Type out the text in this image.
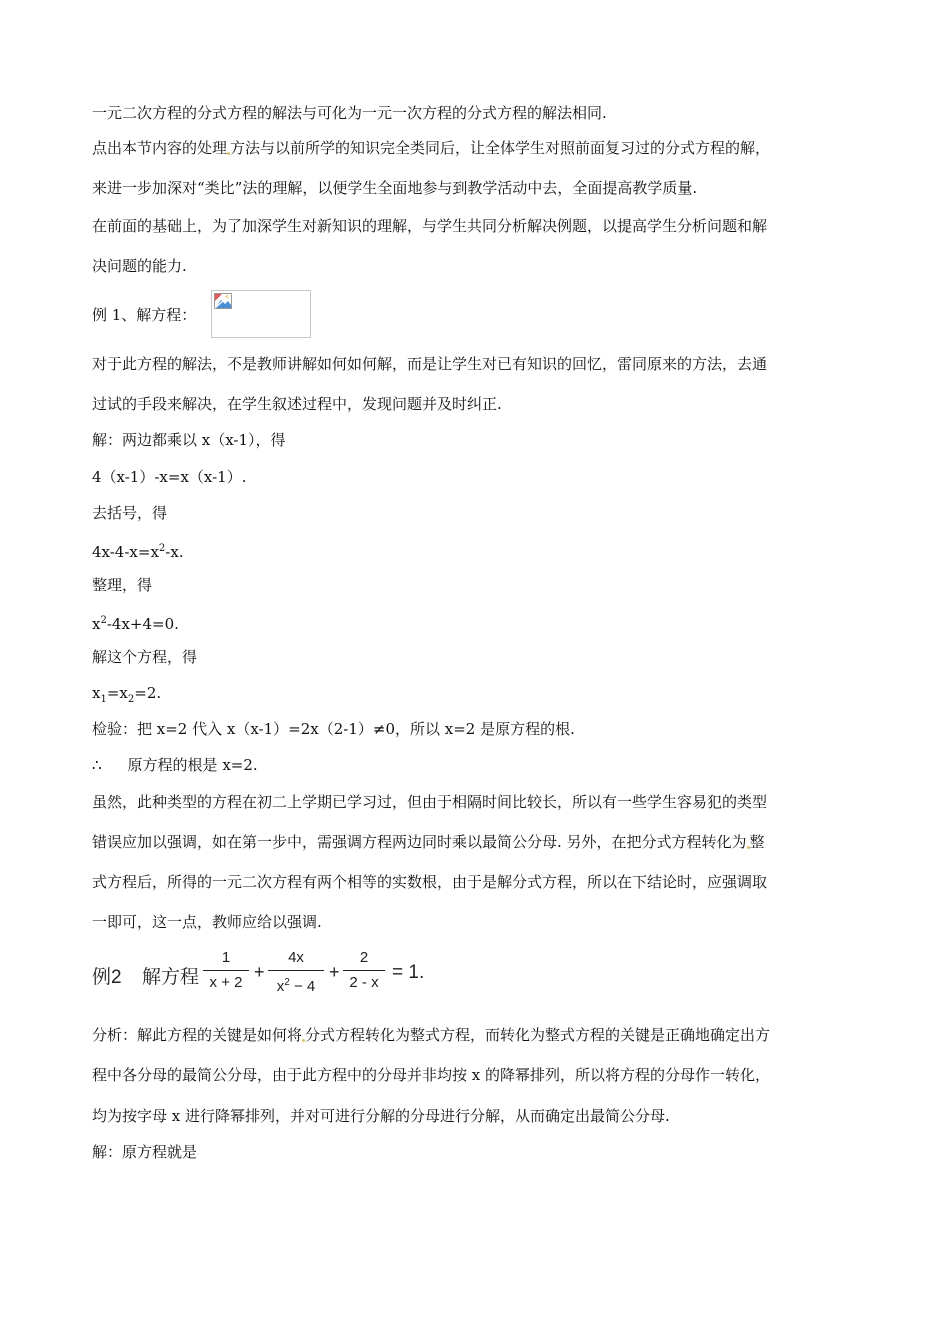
一元二次方程的分式方程的解法与可化为一元一次方程的分式方程的解法相同.
点出本节内容的处理 方法与以前所学的知识完全类同后，让全体学生对照前面复习过的分式方程的解，
来进一步加深对“类比”法的理解，以便学生全面地参与到教学活动中去，全面提高教学质量.
在前面的基础上，为了加深学生对新知识的理解，与学生共同分析解决例题，以提高学生分析问题和解
决问题的能力.
例 1、解方程：
对于此方程的解法，不是教师讲解如何如何解，而是让学生对已有知识的回忆，雷同原来的方法，去通
过试的手段来解决，在学生叙述过程中，发现问题并及时纠正.
解：两边都乘以 x（x-1），得
4（x-1）-x=x（x-1）.
去括号，得
$4x-4-x=x^2-x$.
整理，得
$x^2-4x+4=0$.
解这个方程，得
$x_1=x_2=2$.
检验：把 x=2 代入 x（x-1）=2x（2-1）≠0，所以 x=2 是原方程的根.
∴ 原方程的根是 x=2.
虽然，此种类型的方程在初二上学期已学习过，但由于相隔时间比较长，所以有一些学生容易犯的类型
错误应加以强调，如在第一步中，需强调方程两边同时乘以最简公分母. 另外，在把分式方程转化为 整
式方程后，所得的一元二次方程有两个相等的实数根，由于是解分式方程，所以在下结论时，应强调取
一即可，这一点，教师应给以强调.
例2 解方程
1
x + 2
+
4x
$x^2 - 4$
+
2
2 - x = 1.
分析：解此方程的关键是如何将 分式方程转化为整式方程，而转化为整式方程的关键是正确地确定出方
程中各分母的最简公分母，由于此方程中的分母并非均按 x 的降幂排列，所以将方程的分母作一转化，
均为按字母 x 进行降幂排列，并对可进行分解的分母进行分解，从而确定出最简公分母.
解：原方程就是
